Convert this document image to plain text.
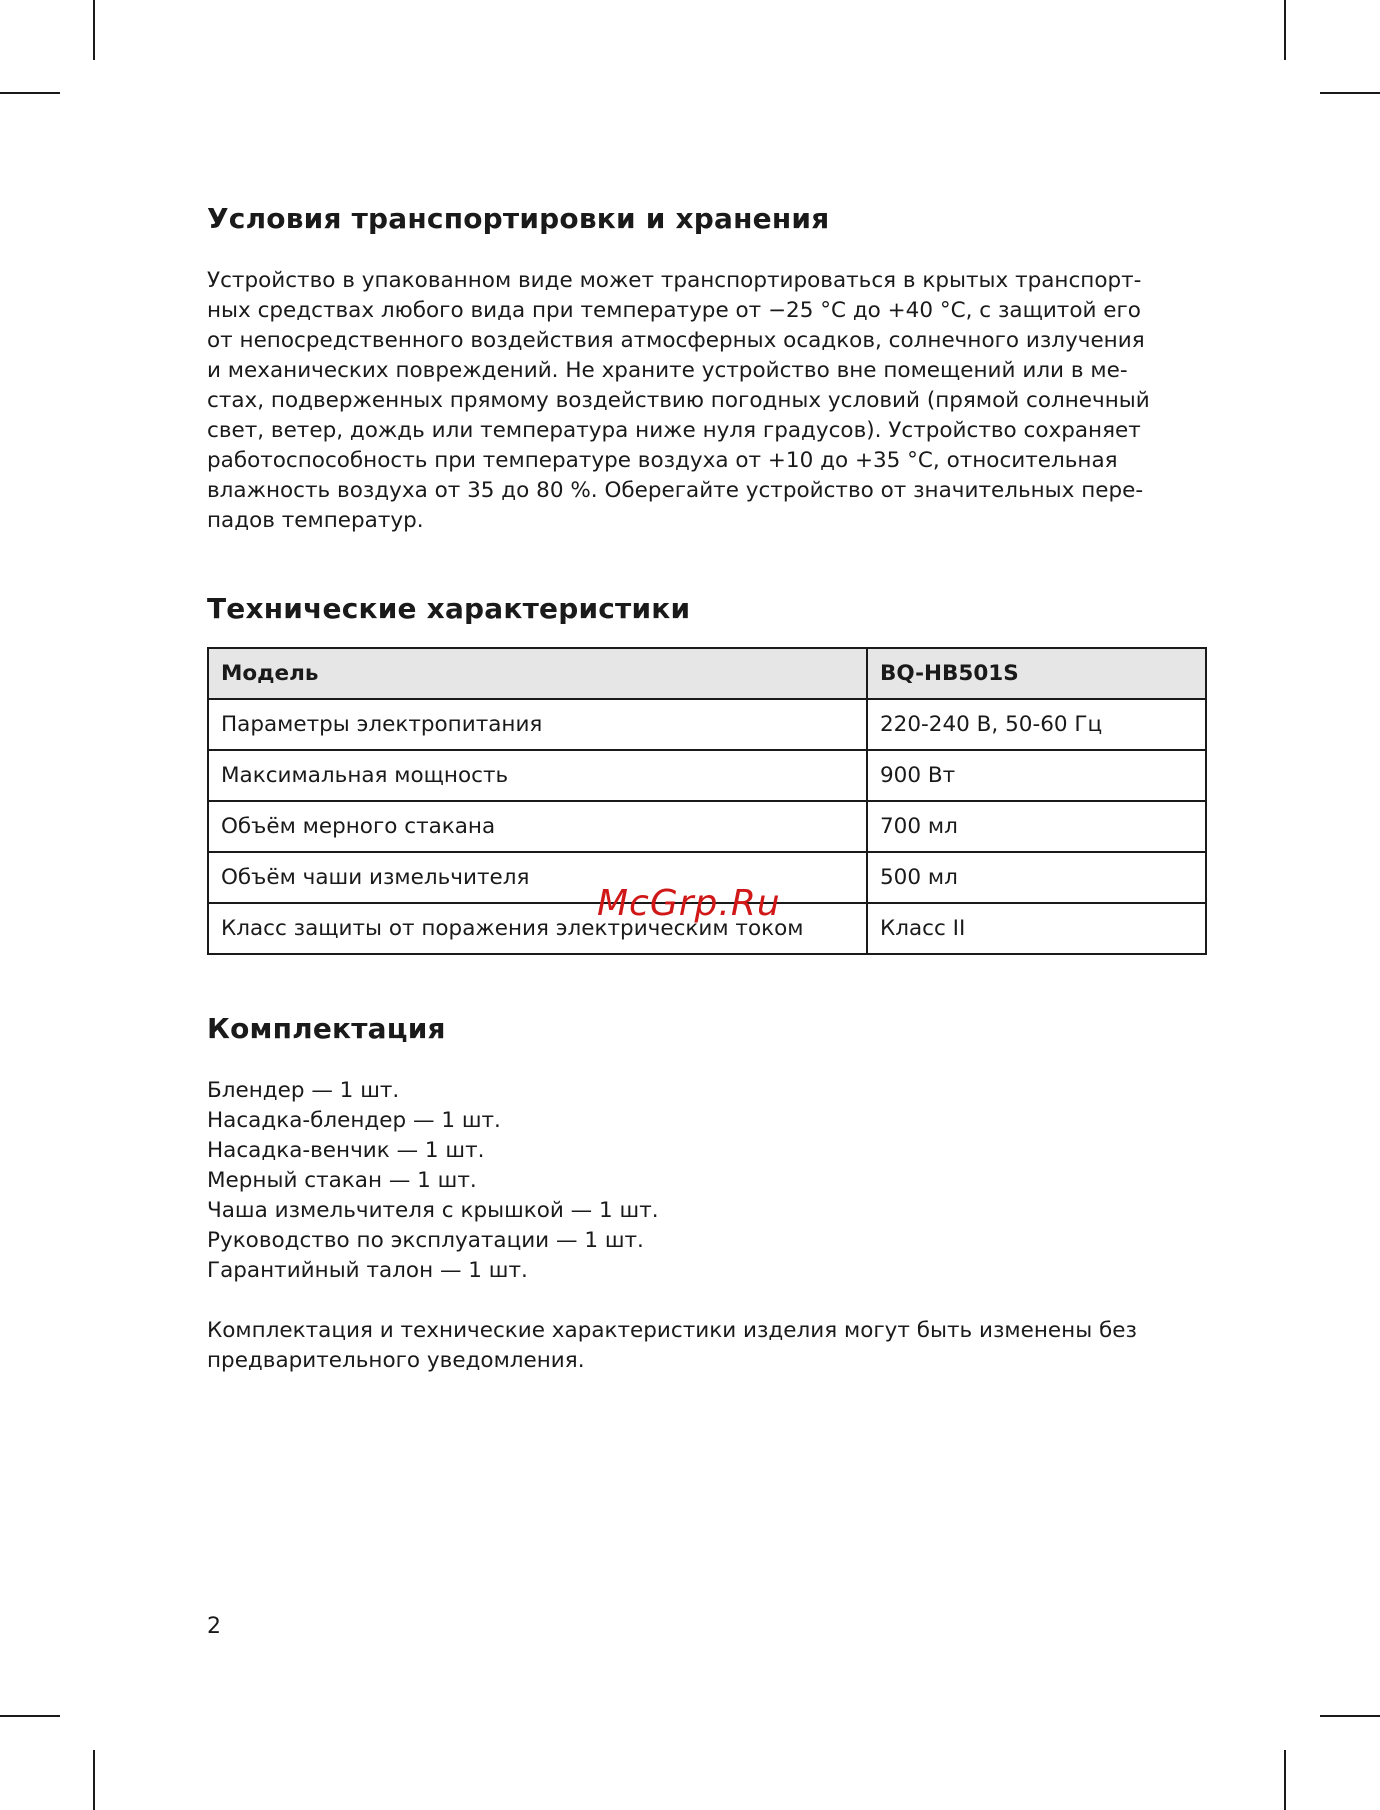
Условия транспортировки и хранения
Устройство в упакованном виде может транспортироваться в крытых транспорт-
ных средствах любого вида при температуре от −25 °C до +40 °C, с защитой его
от непосредственного воздействия атмосферных осадков, солнечного излучения
и механических повреждений. Не храните устройство вне помещений или в ме-
стах, подверженных прямому воздействию погодных условий (прямой солнечный
свет, ветер, дождь или температура ниже нуля градусов). Устройство сохраняет
работоспособность при температуре воздуха от +10 до +35 °C, относительная
влажность воздуха от 35 до 80 %. Оберегайте устройство от значительных пере-
падов температур.
Технические характеристики
Модель	BQ-HB501S
Параметры электропитания	220-240 В, 50-60 Гц
Максимальная мощность	900 Вт
Объём мерного стакана	700 мл
Объём чаши измельчителя	500 мл
Класс защиты от поражения электрическим током	Класс II
Комплектация
Блендер — 1 шт.
Насадка-блендер — 1 шт.
Насадка-венчик — 1 шт.
Мерный стакан — 1 шт.
Чаша измельчителя с крышкой — 1 шт.
Руководство по эксплуатации — 1 шт.
Гарантийный талон — 1 шт.
Комплектация и технические характеристики изделия могут быть изменены без
предварительного уведомления.
McGrp.Ru
2
